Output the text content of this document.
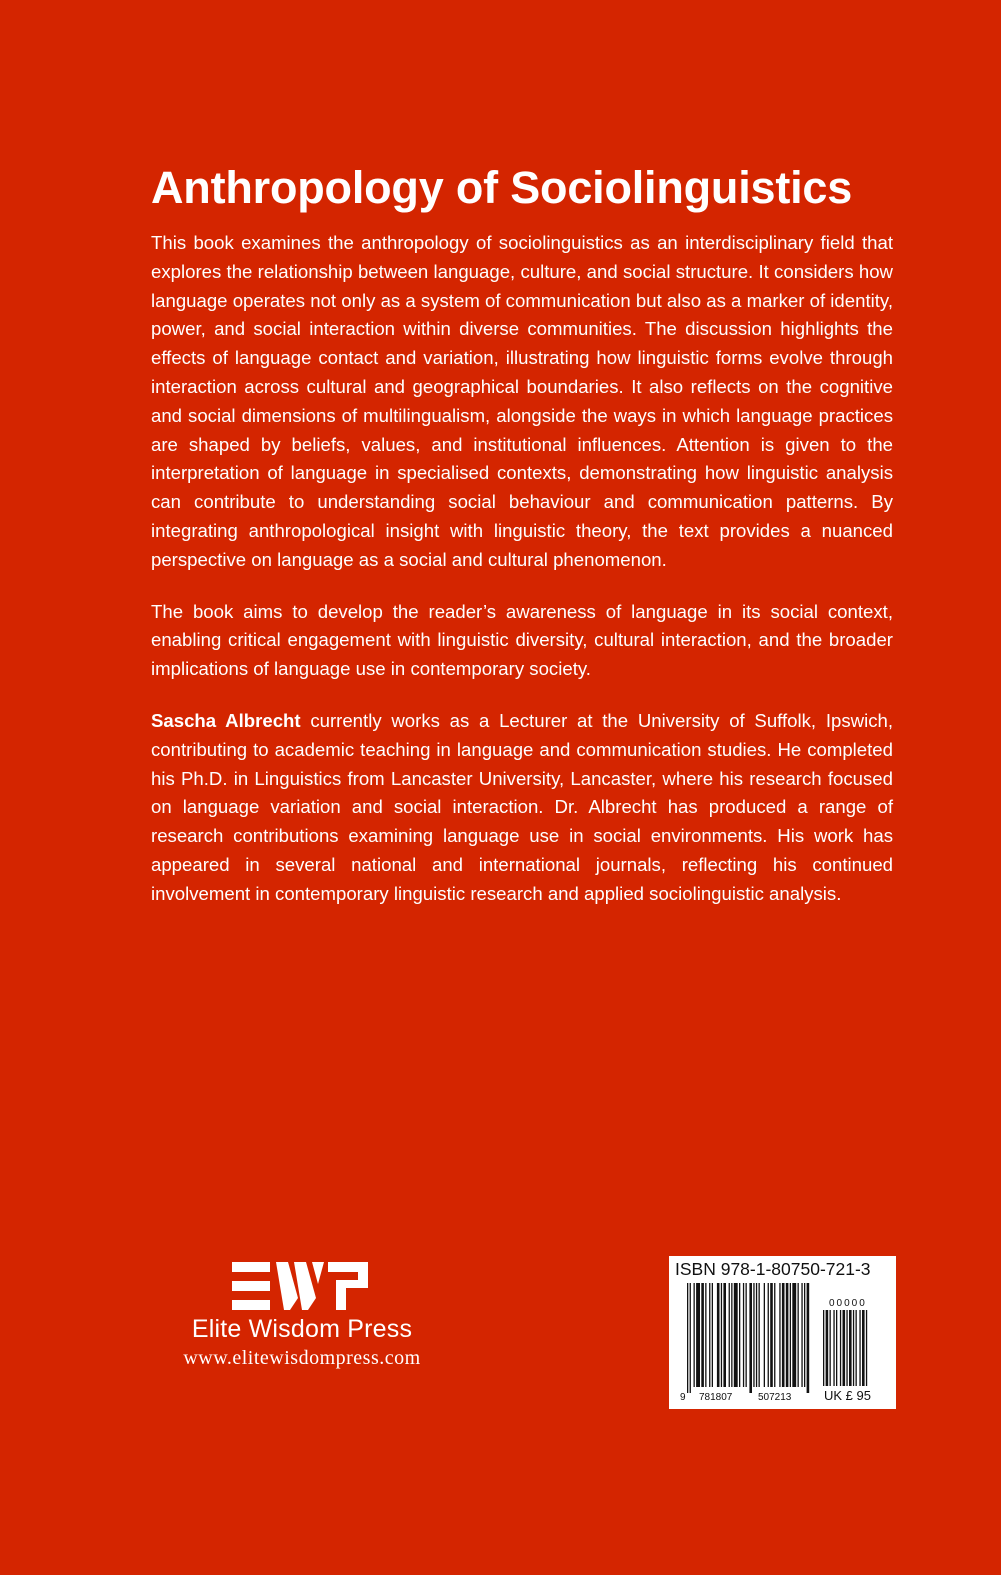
Anthropology of Sociolinguistics

This book examines the anthropology of sociolinguistics as an interdisciplinary field that explores the relationship between language, culture, and social structure. It considers how language operates not only as a system of communication but also as a marker of identity, power, and social interaction within diverse communities. The discussion highlights the effects of language contact and variation, illustrating how linguistic forms evolve through interaction across cultural and geographical boundaries. It also reflects on the cognitive and social dimensions of multilingualism, alongside the ways in which language practices are shaped by beliefs, values, and institutional influences. Attention is given to the interpretation of language in specialised contexts, demonstrating how linguistic analysis can contribute to understanding social behaviour and communication patterns. By integrating anthropological insight with linguistic theory, the text provides a nuanced perspective on language as a social and cultural phenomenon.

The book aims to develop the reader’s awareness of language in its social context, enabling critical engagement with linguistic diversity, cultural interaction, and the broader implications of language use in contemporary society.

Sascha Albrecht currently works as a Lecturer at the University of Suffolk, Ipswich, contributing to academic teaching in language and communication studies. He completed his Ph.D. in Linguistics from Lancaster University, Lancaster, where his research focused on language variation and social interaction. Dr. Albrecht has produced a range of research contributions examining language use in social environments. His work has appeared in several national and international journals, reflecting his continued involvement in contemporary linguistic research and applied sociolinguistic analysis.

Elite Wisdom Press
www.elitewisdompress.com
ISBN 978-1-80750-721-3
9 781807	507213
00000
UK £ 95
